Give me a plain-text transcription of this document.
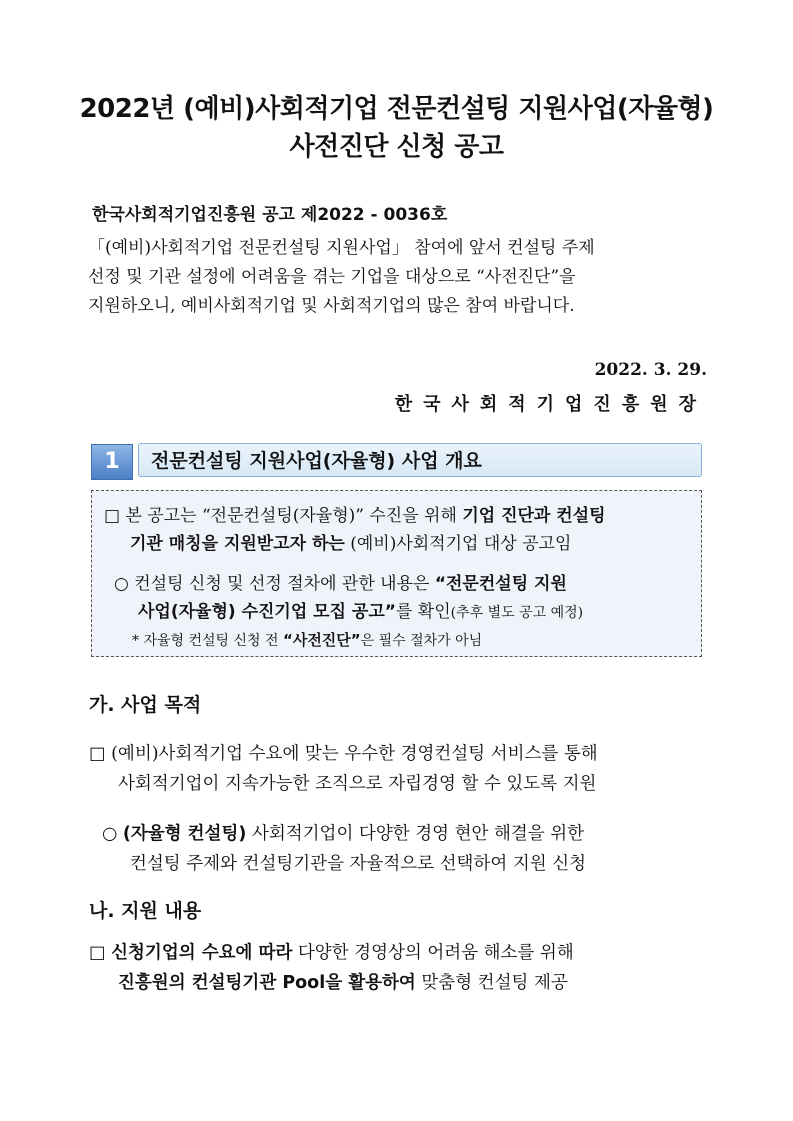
2022년 (예비)사회적기업 전문컨설팅 지원사업(자율형)
사전진단 신청 공고
한국사회적기업진흥원 공고 제2022 - 0036호
「(예비)사회적기업 전문컨설팅 지원사업」 참여에 앞서 컨설팅 주제
선정 및 기관 설정에 어려움을 겪는 기업을 대상으로 “사전진단”을
지원하오니, 예비사회적기업 및 사회적기업의 많은 참여 바랍니다.
2022. 3. 29.
한국사회적기업진흥원장
1	전문컨설팅 지원사업(자율형) 사업 개요
□ 본 공고는 “전문컨설팅(자율형)” 수진을 위해 기업 진단과 컨설팅
기관 매칭을 지원받고자 하는 (예비)사회적기업 대상 공고임
○ 컨설팅 신청 및 선정 절차에 관한 내용은 “전문컨설팅 지원
사업(자율형) 수진기업 모집 공고”를 확인(추후 별도 공고 예정)
* 자율형 컨설팅 신청 전 “사전진단”은 필수 절차가 아님
가. 사업 목적
□ (예비)사회적기업 수요에 맞는 우수한 경영컨설팅 서비스를 통해
사회적기업이 지속가능한 조직으로 자립경영 할 수 있도록 지원
○ (자율형 컨설팅) 사회적기업이 다양한 경영 현안 해결을 위한
컨설팅 주제와 컨설팅기관을 자율적으로 선택하여 지원 신청
나. 지원 내용
□ 신청기업의 수요에 따라 다양한 경영상의 어려움 해소를 위해
진흥원의 컨설팅기관 Pool을 활용하여 맞춤형 컨설팅 제공
